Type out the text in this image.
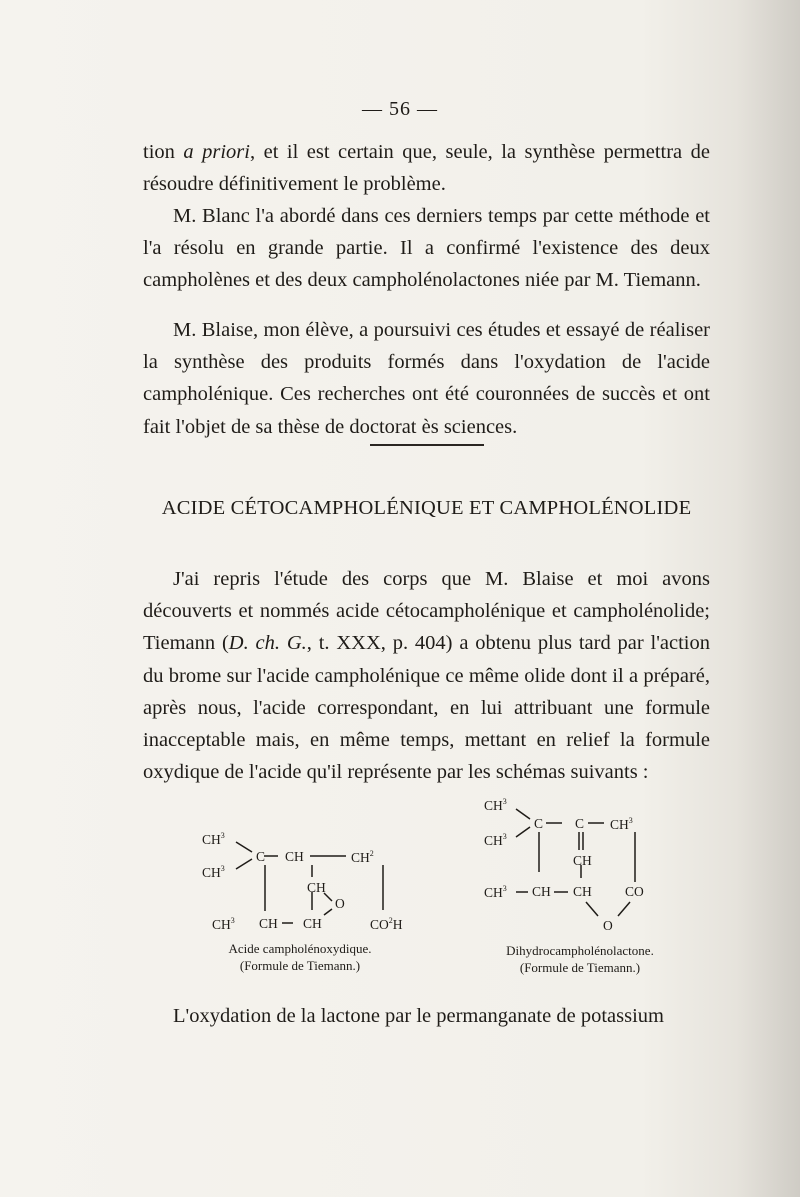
— 56 —

tion a priori, et il est certain que, seule, la synthèse permettra de résoudre définitivement le problème.

M. Blanc l'a abordé dans ces derniers temps par cette méthode et l'a résolu en grande partie. Il a confirmé l'existence des deux campholènes et des deux campholénolactones niée par M. Tiemann.

M. Blaise, mon élève, a poursuivi ces études et essayé de réaliser la synthèse des produits formés dans l'oxydation de l'acide campholénique. Ces recherches ont été couronnées de succès et ont fait l'objet de sa thèse de doctorat ès sciences.

ACIDE CÉTOCAMPHOLÉNIQUE ET CAMPHOLÉNOLIDE

J'ai repris l'étude des corps que M. Blaise et moi avons découverts et nommés acide cétocampholénique et campholénolide; Tiemann (D. ch. G., t. XXX, p. 404) a obtenu plus tard par l'action du brome sur l'acide campholénique ce même olide dont il a préparé, après nous, l'acide correspondant, en lui attribuant une formule inacceptable mais, en même temps, mettant en relief la formule oxydique de l'acide qu'il représente par les schémas suivants :

$CH^3$
$CH^3$
C CH	$CH^2$
CH
O
$CH^3$ CH CH	$CO^2H$
Acide campholénoxydique.
(Formule de Tiemann.)
$CH^3$
$CH^3$
C C $CH^3$
CH
$CH^3$ CH CH CO
O
Dihydrocampholénolactone.
(Formule de Tiemann.)

L'oxydation de la lactone par le permanganate de potassium
